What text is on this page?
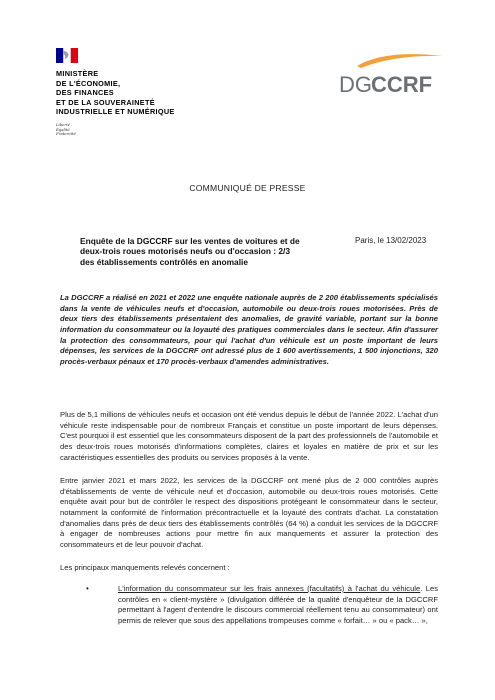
MINISTÈRE
DE L'ÉCONOMIE,
DES FINANCES
ET DE LA SOUVERAINETÉ
INDUSTRIELLE ET NUMÉRIQUE
Liberté
Égalité
Fraternité
DG CCRF
COMMUNIQUÉ DE PRESSE
Enquête de la DGCCRF sur les ventes de voitures et de deux-trois roues motorisés neufs ou d'occasion : 2/3 des établissements contrôlés en anomalie
Paris, le 13/02/2023
La DGCCRF a réalisé en 2021 et 2022 une enquête nationale auprès de 2 200 établissements spécialisés dans la vente de véhicules neufs et d'occasion, automobile ou deux-trois roues motorisées. Près de deux tiers des établissements présentaient des anomalies, de gravité variable, portant sur la bonne information du consommateur ou la loyauté des pratiques commerciales dans le secteur. Afin d'assurer la protection des consommateurs, pour qui l'achat d'un véhicule est un poste important de leurs dépenses, les services de la DGCCRF ont adressé plus de 1 600 avertissements, 1 500 injonctions, 320 procès-verbaux pénaux et 170 procès-verbaux d'amendes administratives.
Plus de 5,1 millions de véhicules neufs et occasion ont été vendus depuis le début de l'année 2022. L'achat d'un véhicule reste indispensable pour de nombreux Français et constitue un poste important de leurs dépenses. C'est pourquoi il est essentiel que les consommateurs disposent de la part des professionnels de l'automobile et des deux-trois roues motorisés d'informations complètes, claires et loyales en matière de prix et sur les caractéristiques essentielles des produits ou services proposés à la vente.
Entre janvier 2021 et mars 2022, les services de la DGCCRF ont mené plus de 2 000 contrôles auprès d'établissements de vente de véhicule neuf et d'occasion, automobile ou deux-trois roues motorisés. Cette enquête avait pour but de contrôler le respect des dispositions protégeant le consommateur dans le secteur, notamment la conformité de l'information précontractuelle et la loyauté des contrats d'achat. La constatation d'anomalies dans près de deux tiers des établissements contrôlés (64 %) a conduit les services de la DGCCRF à engager de nombreuses actions pour mettre fin aux manquements et assurer la protection des consommateurs et de leur pouvoir d'achat.
Les principaux manquements relevés concernent :
•	L'information du consommateur sur les frais annexes (facultatifs) à l'achat du véhicule. Les contrôles en « client-mystère » (divulgation différée de la qualité d'enquêteur de la DGCCRF permettant à l'agent d'entendre le discours commercial réellement tenu au consommateur) ont permis de relever que sous des appellations trompeuses comme « forfait… » ou « pack… »,
